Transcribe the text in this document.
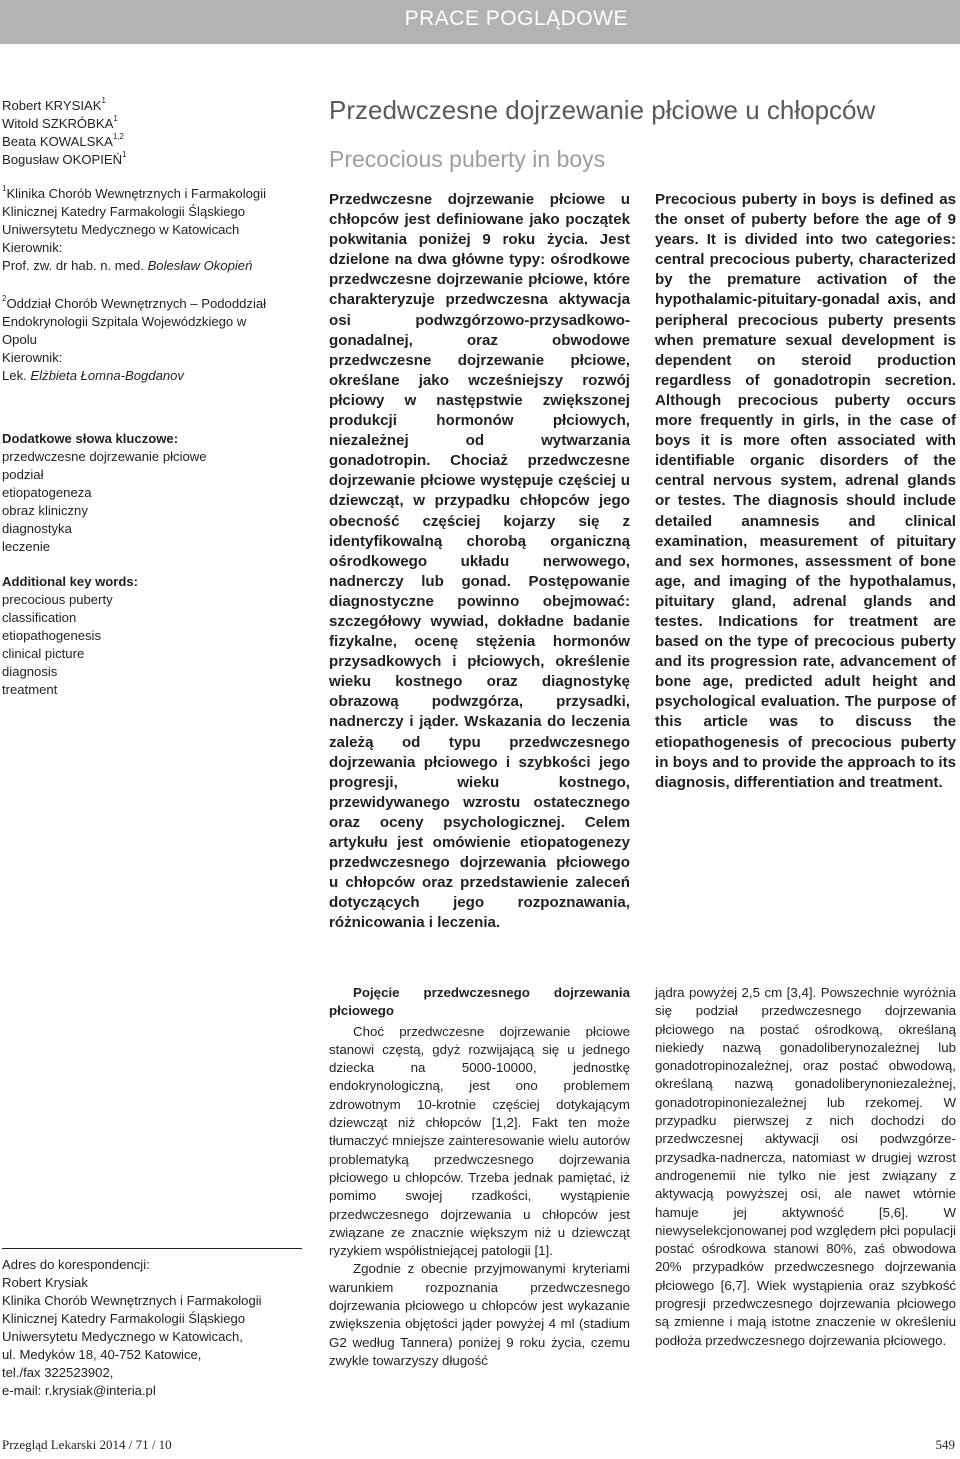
PRACE POGLĄDOWE
Robert KRYSIAK$^1$
Witold SZKRÓBKA$^1$
Beata KOWALSKA$^{1,2}$
Bogusław OKOPIEŃ$^1$
$^1$Klinika Chorób Wewnętrznych i Farmakologii
Klinicznej Katedry Farmakologii Śląskiego
Uniwersytetu Medycznego w Katowicach
Kierownik:
Prof. zw. dr hab. n. med. Bolesław Okopień
$^2$Oddział Chorób Wewnętrznych – Pododdział
Endokrynologii Szpitala Wojewódzkiego w
Opolu
Kierownik:
Lek. Elżbieta Łomna-Bogdanov
Dodatkowe słowa kluczowe:
przedwczesne dojrzewanie płciowe
podział
etiopatogeneza
obraz kliniczny
diagnostyka
leczenie
Additional key words:
precocious puberty
classification
etiopathogenesis
clinical picture
diagnosis
treatment
Przedwczesne dojrzewanie płciowe u chłopców
Precocious puberty in boys
Przedwczesne dojrzewanie płciowe u chłopców jest definiowane jako początek pokwitania poniżej 9 roku życia. Jest dzielone na dwa główne typy: ośrodkowe przedwczesne dojrzewanie płciowe, które charakteryzuje przedwczesna aktywacja osi podwzgórzowo-przysadkowo-gonadalnej, oraz obwodowe przedwczesne dojrzewanie płciowe, określane jako wcześniejszy rozwój płciowy w następstwie zwiększonej produkcji hormonów płciowych, niezależnej od wytwarzania gonadotropin. Chociaż przedwczesne dojrzewanie płciowe występuje częściej u dziewcząt, w przypadku chłopców jego obecność częściej kojarzy się z identyfikowalną chorobą organiczną ośrodkowego układu nerwowego, nadnerczy lub gonad. Postępowanie diagnostyczne powinno obejmować: szczegółowy wywiad, dokładne badanie fizykalne, ocenę stężenia hormonów przysadkowych i płciowych, określenie wieku kostnego oraz diagnostykę obrazową podwzgórza, przysadki, nadnerczy i jąder. Wskazania do leczenia zależą od typu przedwczesnego dojrzewania płciowego i szybkości jego progresji, wieku kostnego, przewidywanego wzrostu ostatecznego oraz oceny psychologicznej. Celem artykułu jest omówienie etiopatogenezy przedwczesnego dojrzewania płciowego u chłopców oraz przedstawienie zaleceń dotyczących jego rozpoznawania, różnicowania i leczenia.
Precocious puberty in boys is defined as the onset of puberty before the age of 9 years. It is divided into two categories: central precocious puberty, characterized by the premature activation of the hypothalamic-pituitary-gonadal axis, and peripheral precocious puberty presents when premature sexual development is dependent on steroid production regardless of gonadotropin secretion. Although precocious puberty occurs more frequently in girls, in the case of boys it is more often associated with identifiable organic disorders of the central nervous system, adrenal glands or testes. The diagnosis should include detailed anamnesis and clinical examination, measurement of pituitary and sex hormones, assessment of bone age, and imaging of the hypothalamus, pituitary gland, adrenal glands and testes. Indications for treatment are based on the type of precocious puberty and its progression rate, advancement of bone age, predicted adult height and psychological evaluation. The purpose of this article was to discuss the etiopathogenesis of precocious puberty in boys and to provide the approach to its diagnosis, differentiation and treatment.
Pojęcie przedwczesnego dojrzewania płciowego

Choć przedwczesne dojrzewanie płciowe stanowi częstą, gdyż rozwijającą się u jednego dziecka na 5000-10000, jednostkę endokrynologiczną, jest ono problemem zdrowotnym 10-krotnie częściej dotykającym dziewcząt niż chłopców [1,2]. Fakt ten może tłumaczyć mniejsze zainteresowanie wielu autorów problematyką przedwczesnego dojrzewania płciowego u chłopców. Trzeba jednak pamiętać, iż pomimo swojej rzadkości, wystąpienie przedwczesnego dojrzewania u chłopców jest związane ze znacznie większym niż u dziewcząt ryzykiem współistniejącej patologii [1].

Zgodnie z obecnie przyjmowanymi kryteriami warunkiem rozpoznania przedwczesnego dojrzewania płciowego u chłopców jest wykazanie zwiększenia objętości jąder powyżej 4 ml (stadium G2 według Tannera) poniżej 9 roku życia, czemu zwykle towarzyszy długość

jądra powyżej 2,5 cm [3,4]. Powszechnie wyróżnia się podział przedwczesnego dojrzewania płciowego na postać ośrodkową, określaną niekiedy nazwą gonadoliberynozależnej lub gonadotropinozależnej, oraz postać obwodową, określaną nazwą gonadoliberynoniezależnej, gonadotropinoniezależnej lub rzekomej. W przypadku pierwszej z nich dochodzi do przedwczesnej aktywacji osi podwzgórze-przysadka-nadnercza, natomiast w drugiej wzrost androgenemii nie tylko nie jest związany z aktywacją powyższej osi, ale nawet wtórnie hamuje jej aktywność [5,6]. W niewyselekcjonowanej pod względem płci populacji postać ośrodkowa stanowi 80%, zaś obwodowa 20% przypadków przedwczesnego dojrzewania płciowego [6,7]. Wiek wystąpienia oraz szybkość progresji przedwczesnego dojrzewania płciowego są zmienne i mają istotne znaczenie w określeniu podłoża przedwczesnego dojrzewania płciowego.

Adres do korespondencji:
Robert Krysiak
Klinika Chorób Wewnętrznych i Farmakologii
Klinicznej Katedry Farmakologii Śląskiego
Uniwersytetu Medycznego w Katowicach,
ul. Medyków 18, 40-752 Katowice,
tel./fax 322523902,
e-mail: r.krysiak@interia.pl
Przegląd Lekarski 2014 / 71 / 10	549
